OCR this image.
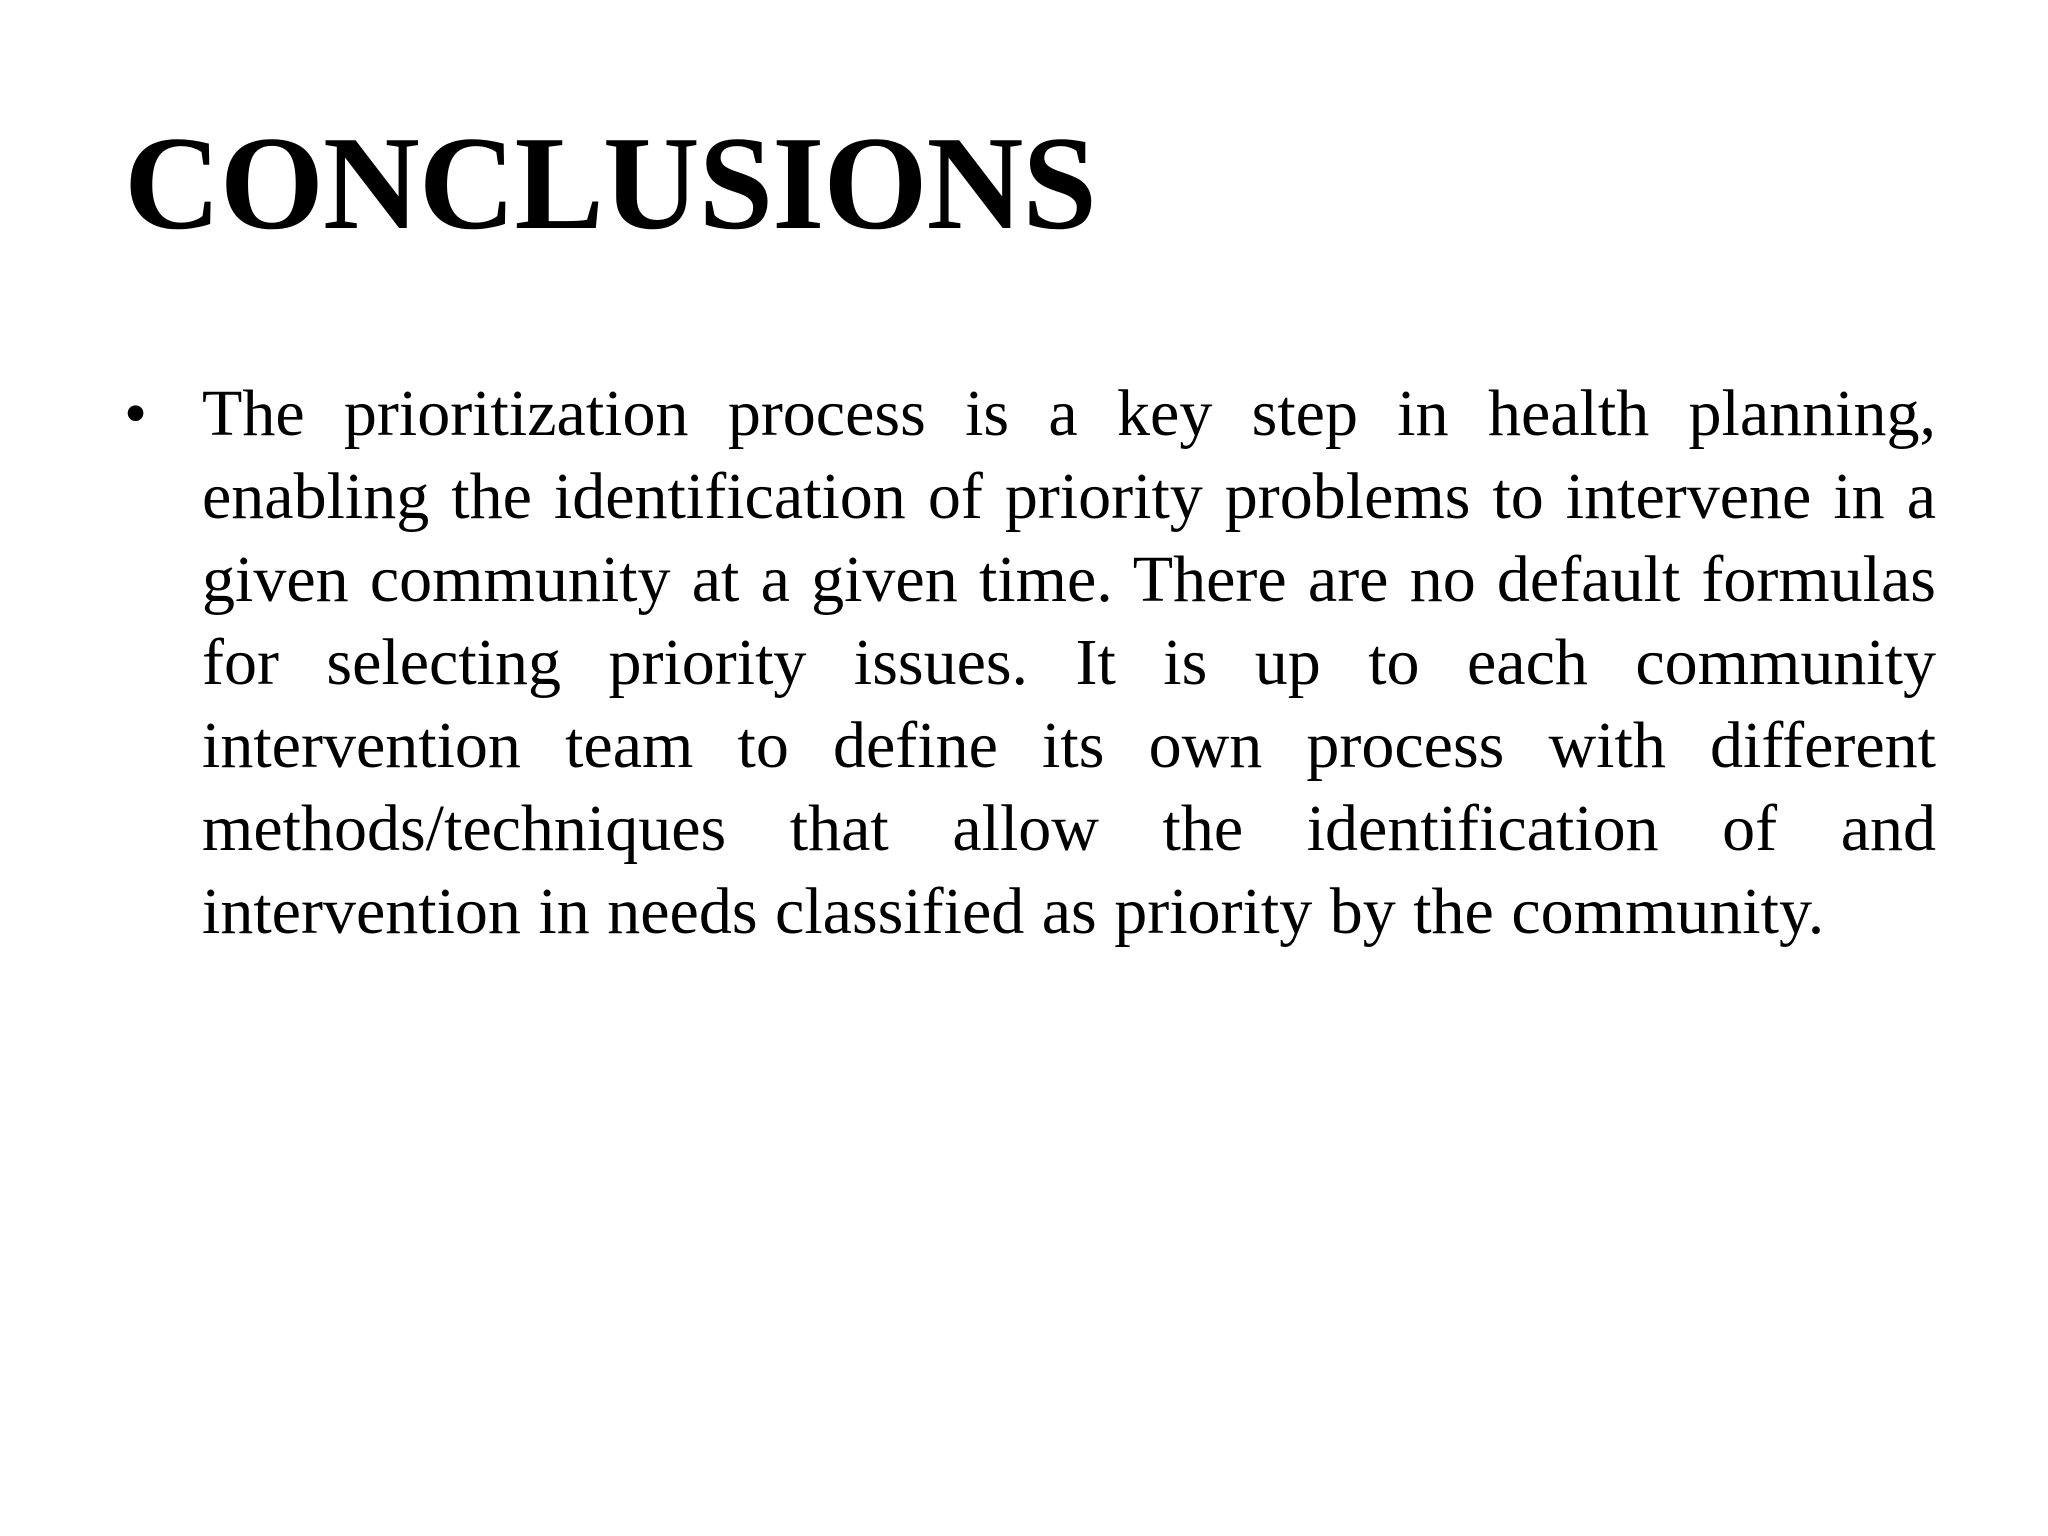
CONCLUSIONS
• The prioritization process is a key step in health planning, enabling the identification of priority problems to intervene in a given community at a given time. There are no default formulas for selecting priority issues. It is up to each community intervention team to define its own process with different methods/techniques that allow the identification of and intervention in needs classified as priority by the community.
